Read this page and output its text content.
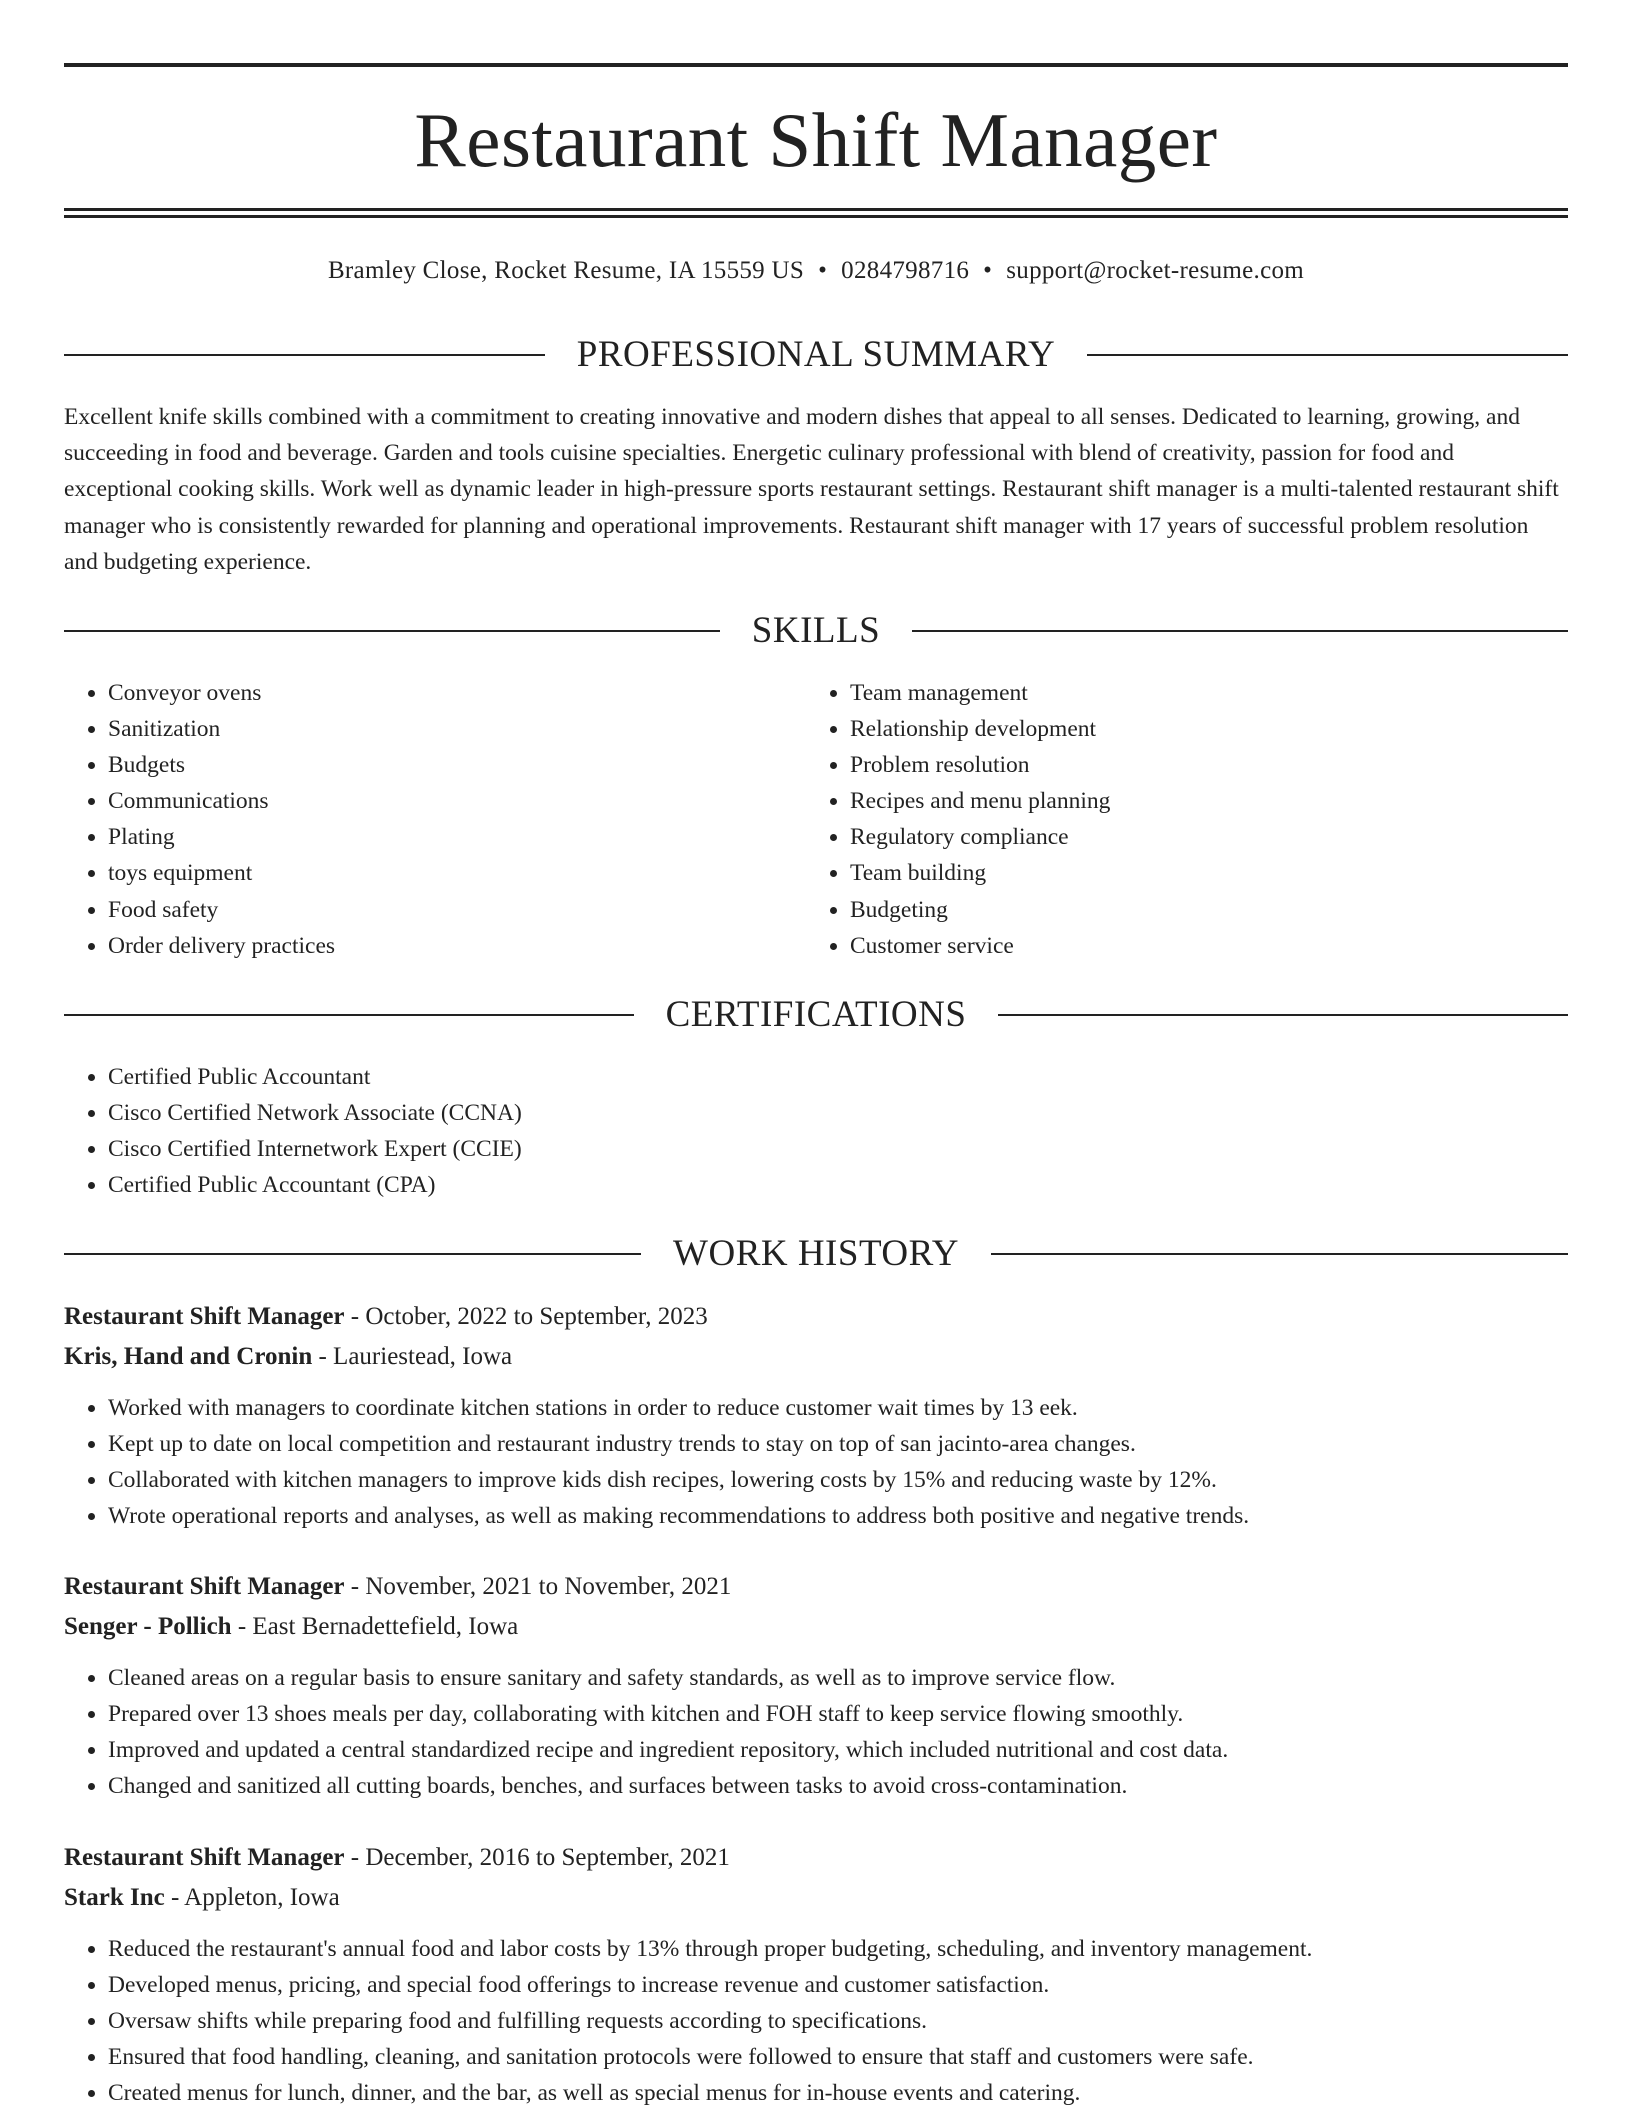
Restaurant Shift Manager
Bramley Close, Rocket Resume, IA 15559 US • 0284798716 • support@rocket-resume.com
PROFESSIONAL SUMMARY

Excellent knife skills combined with a commitment to creating innovative and modern dishes that appeal to all senses. Dedicated to learning, growing, and succeeding in food and beverage. Garden and tools cuisine specialties. Energetic culinary professional with blend of creativity, passion for food and exceptional cooking skills. Work well as dynamic leader in high-pressure sports restaurant settings. Restaurant shift manager is a multi-talented restaurant shift manager who is consistently rewarded for planning and operational improvements. Restaurant shift manager with 17 years of successful problem resolution and budgeting experience.

SKILLS
• Conveyor ovens
• Sanitization
• Budgets
• Communications
• Plating
• toys equipment
• Food safety
• Order delivery practices
• Team management
• Relationship development
• Problem resolution
• Recipes and menu planning
• Regulatory compliance
• Team building
• Budgeting
• Customer service
CERTIFICATIONS
• Certified Public Accountant
• Cisco Certified Network Associate (CCNA)
• Cisco Certified Internetwork Expert (CCIE)
• Certified Public Accountant (CPA)
WORK HISTORY
Restaurant Shift Manager - October, 2022 to September, 2023
Kris, Hand and Cronin - Lauriestead, Iowa
• Worked with managers to coordinate kitchen stations in order to reduce customer wait times by 13 eek.
• Kept up to date on local competition and restaurant industry trends to stay on top of san jacinto-area changes.
• Collaborated with kitchen managers to improve kids dish recipes, lowering costs by 15% and reducing waste by 12%.
• Wrote operational reports and analyses, as well as making recommendations to address both positive and negative trends.
Restaurant Shift Manager - November, 2021 to November, 2021
Senger - Pollich - East Bernadettefield, Iowa
• Cleaned areas on a regular basis to ensure sanitary and safety standards, as well as to improve service flow.
• Prepared over 13 shoes meals per day, collaborating with kitchen and FOH staff to keep service flowing smoothly.
• Improved and updated a central standardized recipe and ingredient repository, which included nutritional and cost data.
• Changed and sanitized all cutting boards, benches, and surfaces between tasks to avoid cross-contamination.
Restaurant Shift Manager - December, 2016 to September, 2021
Stark Inc - Appleton, Iowa
• Reduced the restaurant's annual food and labor costs by 13% through proper budgeting, scheduling, and inventory management.
• Developed menus, pricing, and special food offerings to increase revenue and customer satisfaction.
• Oversaw shifts while preparing food and fulfilling requests according to specifications.
• Ensured that food handling, cleaning, and sanitation protocols were followed to ensure that staff and customers were safe.
• Created menus for lunch, dinner, and the bar, as well as special menus for in-house events and catering.
